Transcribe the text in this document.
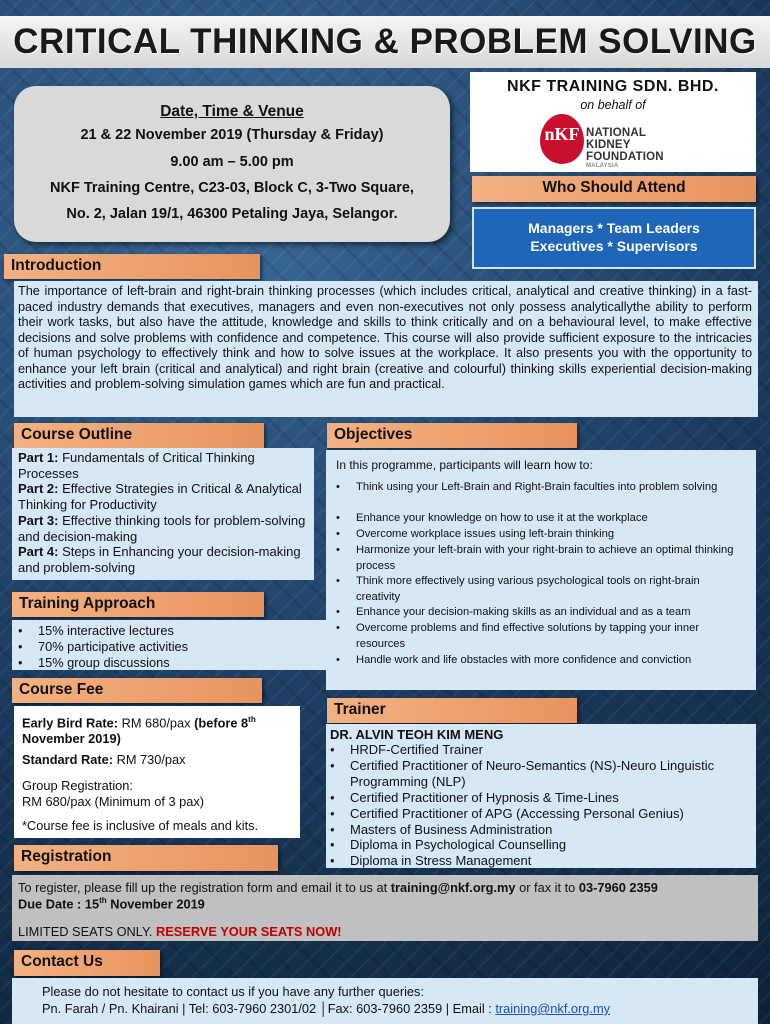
CRITICAL THINKING & PROBLEM SOLVING
Date, Time & Venue
21 & 22 November 2019 (Thursday & Friday)
9.00 am – 5.00 pm
NKF Training Centre, C23-03, Block C, 3-Two Square,
No. 2, Jalan 19/1, 46300 Petaling Jaya, Selangor.
NKF TRAINING SDN. BHD.
on behalf of
nKF NATIONAL
KIDNEY
FOUNDATION
MALAYSIA
Who Should Attend
Managers * Team Leaders
Executives * Supervisors
Introduction
The importance of left-brain and right-brain thinking processes (which includes critical, analytical and creative thinking) in a fast-paced industry demands that executives, managers and even non-executives not only possess analyticallythe ability to perform their work tasks, but also have the attitude, knowledge and skills to think critically and on a behavioural level, to make effective decisions and solve problems with confidence and competence. This course will also provide sufficient exposure to the intricacies of human psychology to effectively think and how to solve issues at the workplace. It also presents you with the opportunity to enhance your left brain (critical and analytical) and right brain (creative and colourful) thinking skills experiential decision-making activities and problem-solving simulation games which are fun and practical.
Course Outline
Part 1: Fundamentals of Critical Thinking Processes
Part 2: Effective Strategies in Critical & Analytical Thinking for Productivity
Part 3: Effective thinking tools for problem-solving and decision-making
Part 4: Steps in Enhancing your decision-making and problem-solving
Objectives
In this programme, participants will learn how to:
• Think using your Left-Brain and Right-Brain faculties into problem solving
• Enhance your knowledge on how to use it at the workplace
• Overcome workplace issues using left-brain thinking
• Harmonize your left-brain with your right-brain to achieve an optimal thinking process
• Think more effectively using various psychological tools on right-brain creativity
• Enhance your decision-making skills as an individual and as a team
• Overcome problems and find effective solutions by tapping your inner resources
• Handle work and life obstacles with more confidence and conviction
Training Approach
• 15% interactive lectures
• 70% participative activities
• 15% group discussions
Course Fee
Early Bird Rate: RM 680/pax (before 8th
November 2019)
Standard Rate: RM 730/pax
Group Registration:
RM 680/pax (Minimum of 3 pax)
*Course fee is inclusive of meals and kits.
Trainer
DR. ALVIN TEOH KIM MENG
• HRDF-Certified Trainer
• Certified Practitioner of Neuro-Semantics (NS)-Neuro Linguistic Programming (NLP)
• Certified Practitioner of Hypnosis & Time-Lines
• Certified Practitioner of APG (Accessing Personal Genius)
• Masters of Business Administration
• Diploma in Psychological Counselling
• Diploma in Stress Management
Registration
To register, please fill up the registration form and email it to us at training@nkf.org.my or fax it to 03-7960 2359
Due Date : 15th November 2019
LIMITED SEATS ONLY. RESERVE YOUR SEATS NOW!
Contact Us
Please do not hesitate to contact us if you have any further queries:
Pn. Farah / Pn. Khairani | Tel: 603-7960 2301/02 │Fax: 603-7960 2359 | Email : training@nkf.org.my
